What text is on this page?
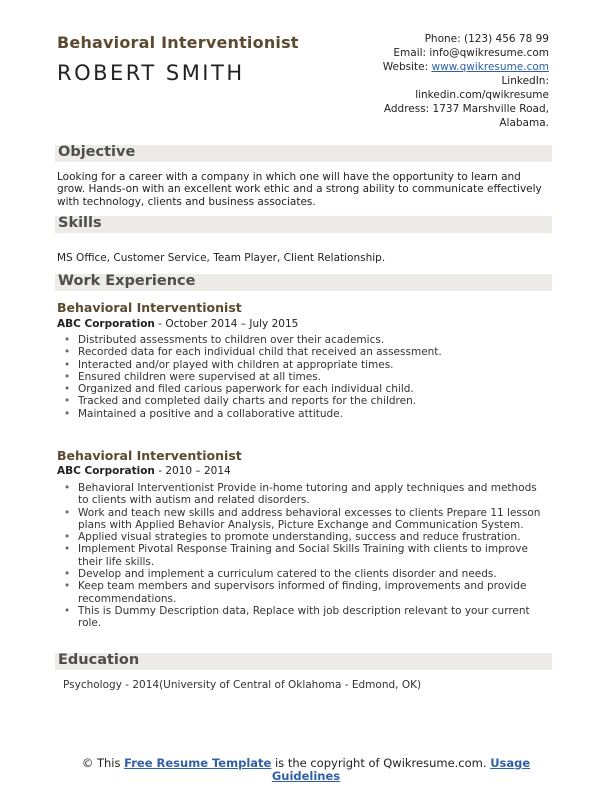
Behavioral Interventionist
ROBERT SMITH
Phone: (123) 456 78 99
Email: info@qwikresume.com
Website: www.qwikresume.com
LinkedIn:
linkedin.com/qwikresume
Address: 1737 Marshville Road,
Alabama.
Objective
Looking for a career with a company in which one will have the opportunity to learn and grow. Hands-on with an excellent work ethic and a strong ability to communicate effectively with technology, clients and business associates.
Skills
MS Office, Customer Service, Team Player, Client Relationship.
Work Experience
Behavioral Interventionist
ABC Corporation - October 2014 – July 2015
• Distributed assessments to children over their academics.
• Recorded data for each individual child that received an assessment.
• Interacted and/or played with children at appropriate times.
• Ensured children were supervised at all times.
• Organized and filed carious paperwork for each individual child.
• Tracked and completed daily charts and reports for the children.
• Maintained a positive and a collaborative attitude.
Behavioral Interventionist
ABC Corporation - 2010 – 2014
• Behavioral Interventionist Provide in-home tutoring and apply techniques and methods to clients with autism and related disorders.
• Work and teach new skills and address behavioral excesses to clients Prepare 11 lesson plans with Applied Behavior Analysis, Picture Exchange and Communication System.
• Applied visual strategies to promote understanding, success and reduce frustration.
• Implement Pivotal Response Training and Social Skills Training with clients to improve their life skills.
• Develop and implement a curriculum catered to the clients disorder and needs.
• Keep team members and supervisors informed of finding, improvements and provide recommendations.
• This is Dummy Description data, Replace with job description relevant to your current role.
Education
Psychology - 2014(University of Central of Oklahoma - Edmond, OK)
© This Free Resume Template is the copyright of Qwikresume.com. Usage Guidelines
